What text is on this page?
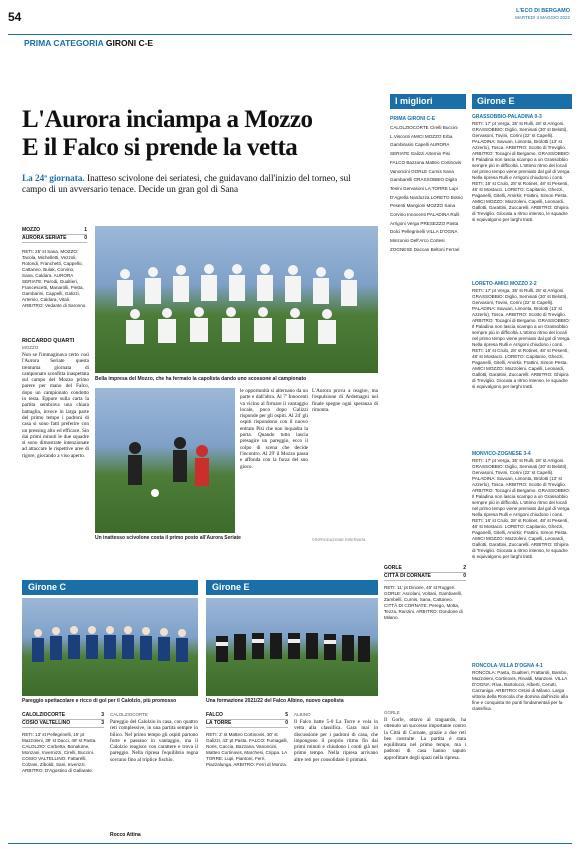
54	L'ECO DI BERGAMO
MARTEDÌ 3 MAGGIO 2022
PRIMA CATEGORIA GIRONI C-E
L'Aurora inciampa a Mozzo
E il Falco si prende la vetta
La 24ª giornata. Inatteso scivolone dei seriatesi, che guidavano dall'inizio del torneo, sul campo di un avversario tenace. Decide un gran gol di Sana
MOZZO	1
AURORA SERIATE	0
RETI: 25' st Sana. MOZZO: Tacola, Michelletti, Vezzoli, Rotondi, Franchetti, Cappello, Cattaneo, Bulak, Corvino, Sana, Caldara. AURORA SERIATE: Parodi, Gualtieri, Francescetti, Manarolli, Pietta, Gambarini, Cappelli, Galizzi, Artemio, Caldara, Vitali. ARBITRO: Vedante di Saronno.
RICCARDO QUARTI
MOZZO
Non se l'immaginava certo così l'Aurora Seriate questa trentuma giornata di campionato sconfitta inaspettata sul campo del Mozzo primo parere per mano del Falco, dopo un campionato condotto in testa. Eppure sulla carta la partita sembrava una chiara battaglia, invece in larga parte del primo tempo i padroni di casa si sono fatti preferire con un pressing alto ed efficace. Sin dai primi minuti le due squadre si sono dimostrate intenzionate ad attaccare le rispettive aree di rigore, giocando a viso aperto.
Bella impresa del Mozzo, che ha fermato la capolista dando uno scossone al campionato
Un inattesso scivolone costa il primo posto all'Aurora Seriate
le opportunità si alternano da un parte e dall'altra. Al 7' Innocenti va vicino al firmare il vantaggio locale, poco dopo Galizzi risponde per gli ospiti. Al 24' gli ospiti rispondono con il nuovo entrato Pisi che non inquadra la porta. Quando tutto lascia presagire un pareggio, ecco il colpo di scena che decide l'incontro. Al 29' il Mozzo passa e affonda con la forza del suo gioco.
L'Aurora prova a reagire, ma l'espulsione di Ardemagni nel finale spegne ogni speranza di rimonta.
©RIPRODUZIONE RISERVATA
I migliori
PRIMA GIRONI C-E
CALOLZIOCORTE Cirelli Buccini L.Visconti AMICI MOZZO Erba Gambirasio Capelli AURORA SERIATE Galizzi Artemio Pisi FALCO Bazzana Matteo Cortinovis Vanoncini GORLE Curnis Sana Gambarelli GRASSOBBIO Digito Tesini Gervasoni LA TORRE Lupi D'Agrella Nardozza LORETO Botrio Pesenti Mangioni MOZZO Sana Corvino Innocenti PALADINA Rulli Arrigoni Verga PRESEZZO Pasta Dolci Pellegrinelli VILLA D'OGNA Minzonici Dell'Arco Cortesi ZOGNESE Daccan Beltoni Ferrari
Girone E
GRASSOBBIO-PALADINA 0-3
RETI: 17' pt Verga, 35' st Rulli, 28' st Arrigoni. GRASSOBBIO: Diglio, Seminati (30' st Belotti), Gervasoni, Tovini, Corini (22' st Capelli). PALADINA: Savuan, Limonta, Brolotti (13' st Azzerlo), Tosca. ARBITRO: Scotto di Treviglio. ARBITRO: Tocagni di Bergamo. GRASSOBBIO: Il Paladina non lascia scampo a un Grassobbio sempre più in difficoltà. L'ottimo ritmo dei locali nel primo tempo viene premiato dal gol di Verga. Nella ripresa Rulli e Arrigoni chiudono i conti. RETI: 16' st Crulo, 28' st Rotinet, 48' st Pesenti, 48' st Mostacci. LORETO: Capitanio, Ghezzi, Paganelli, Gitelli, Amirkir, Frattini, Simon Pesta. AMICI MOZZO: Mazzoleni, Capelli, Leonardi, Gallotti, Garattini, Zuccarelli. ARBITRO: Ghipira di Treviglio. Giocata a ritmo intenso, le squadre si equivalgono per larghi tratti.
LORETO-AMICI MOZZO 2-2
RETI: 17' pt Verga, 35' st Rulli, 28' st Arrigoni. GRASSOBBIO: Diglio, Seminati (30' st Belotti), Gervasoni, Tovini, Corini (22' st Capelli). PALADINA: Savuan, Limonta, Brolotti (13' st Azzerlo), Tosca. ARBITRO: Scotto di Treviglio. ARBITRO: Tocagni di Bergamo. GRASSOBBIO: Il Paladina non lascia scampo a un Grassobbio sempre più in difficoltà. L'ottimo ritmo dei locali nel primo tempo viene premiato dal gol di Verga. Nella ripresa Rulli e Arrigoni chiudono i conti. RETI: 16' st Crulo, 28' st Rotinet, 48' st Pesenti, 48' st Mostacci. LORETO: Capitanio, Ghezzi, Paganelli, Gitelli, Amirkir, Frattini, Simon Pesta. AMICI MOZZO: Mazzoleni, Capelli, Leonardi, Gallotti, Garattini, Zuccarelli. ARBITRO: Ghipira di Treviglio. Giocata a ritmo intenso, le squadre si equivalgono per larghi tratti.
MONVICO-ZOGNESE 3-4
RETI: 17' pt Verga, 35' st Rulli, 28' st Arrigoni. GRASSOBBIO: Diglio, Seminati (30' st Belotti), Gervasoni, Tovini, Corini (22' st Capelli). PALADINA: Savuan, Limonta, Brolotti (13' st Azzerlo), Tosca. ARBITRO: Scotto di Treviglio. ARBITRO: Tocagni di Bergamo. GRASSOBBIO: Il Paladina non lascia scampo a un Grassobbio sempre più in difficoltà. L'ottimo ritmo dei locali nel primo tempo viene premiato dal gol di Verga. Nella ripresa Rulli e Arrigoni chiudono i conti. RETI: 16' st Crulo, 28' st Rotinet, 48' st Pesenti, 48' st Mostacci. LORETO: Capitanio, Ghezzi, Paganelli, Gitelli, Amirkir, Frattini, Simon Pesta. AMICI MOZZO: Mazzoleni, Capelli, Leonardi, Gallotti, Garattini, Zuccarelli. ARBITRO: Ghipira di Treviglio. Giocata a ritmo intenso, le squadre si equivalgono per larghi tratti.
RONCOLA-VILLA D'OGNA 4-1
RONCOLA: Pasta, Gualtieri, Frattaroli, Bambo, Mazzoleni, Cortinovis, Rinaldi, Manzoni. VILLA D'OGNA: Riva, Bartolucci, Alberti, Cerutti, Carzaniga. ARBITRO: Orsini di Milano. Larga vittoria della Roncola che domina dall'inizio alla fine e conquista tre punti fondamentali per la classifica.
GORLE	2
CITTÀ DI CORNATE	0
RETI: 11' pt Dinoire, 45' st Ruggeri. GORLE: Ascolani, Voltani, Gambarelli, Zambelli, Curnis, Sana, Cattaneo. CITTÀ DI CORNATE: Perego, Motta, Tezza, Ranzini. ARBITRO: Dondone di Milano.
GORLE
Il Gorle, ottavo al traguardo, ha ottenuto un successo importante contro la Città di Cornate, grazie a due reti ben costruite. La partita è stata equilibrata nel primo tempo, ma i padroni di casa hanno saputo approfittare degli spazi nella ripresa.
Girone C
Pareggio spettacolare e ricco di gol per il Calolzio, più promosso
CALOLZIOCORTE	3
COSIO VALTELLINO	3
RETI: 13' st Pellegrinelli, 15' pt Mazzoleni, 39' st Dacci, 48' st Pasta. CALOLZIO: Corbetta, Bonalume, Monzani, Invernizzi, Cirelli, Buccini. COSIO VALTELLINO: Fattarelli, Colzani, Ziboldi, Sani, Inverizzi. ARBITRO: D'Agostino di Gallarate.
CALOLZIOCORTE
Pareggio del Calolzio in casa, con quattro reti complessive, in una partita sempre in bilico. Nel primo tempo gli ospiti partono forte e passano in vantaggio, ma il Calolzio reagisce con carattere e trova il pareggio. Nella ripresa l'equilibrio regna sovrano fino al triplice fischio.
Rocco Attina
Girone E
Una formazione 2021/22 del Falco Albino, nuovo capolista
FALCO	5
LA TORRE	0
RETI: 2' st Matteo Cortinovis, 30' st Galizzi, 43' pt Pasta. FALCO: Fumagalli, Noris, Caccia, Bazzana, Vanoncini, Matteo Cortinovis, Marchesi, Crippa. LA TORRE: Lupi, Piantoni, Ferri, Piazzalunga. ARBITRO: Ferri di Monza.
ALBINO
Il Falco batte 5-0 La Torre e vola in vetta alla classifica. Gara mai in discussione per i padroni di casa, che impongono il proprio ritmo fin dai primi minuti e chiudono i conti già nel primo tempo. Nella ripresa arrivano altre reti per consolidare il primato.
